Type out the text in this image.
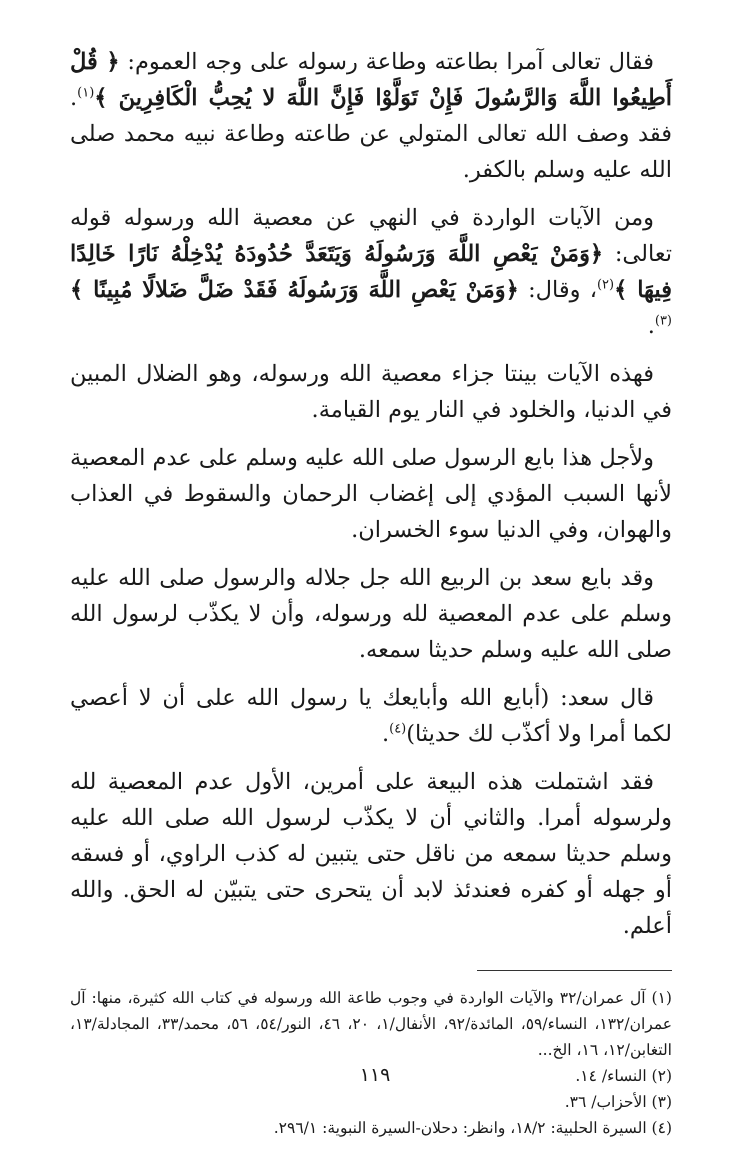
فقال تعالى آمرا بطاعته وطاعة رسوله على وجه العموم: ﴿ قُلْ أَطِيعُوا اللَّهَ وَالرَّسُولَ فَإِنْ تَوَلَّوْا فَإِنَّ اللَّهَ لا يُحِبُّ الْكَافِرِينَ ﴾$^{(١)}$. فقد وصف الله تعالى المتولي عن طاعته وطاعة نبيه محمد صلى الله عليه وسلم بالكفر.

ومن الآيات الواردة في النهي عن معصية الله ورسوله قوله تعالى: ﴿وَمَنْ يَعْصِ اللَّهَ وَرَسُولَهُ وَيَتَعَدَّ حُدُودَهُ يُدْخِلْهُ نَارًا خَالِدًا فِيهَا ﴾$^{(٢)}$، وقال: ﴿وَمَنْ يَعْصِ اللَّهَ وَرَسُولَهُ فَقَدْ ضَلَّ ضَلالًا مُبِينًا ﴾$^{(٣)}$.

فهذه الآيات بينتا جزاء معصية الله ورسوله، وهو الضلال المبين في الدنيا، والخلود في النار يوم القيامة.

ولأجل هذا بايع الرسول صلى الله عليه وسلم على عدم المعصية لأنها السبب المؤدي إلى إغضاب الرحمان والسقوط في العذاب والهوان، وفي الدنيا سوء الخسران.

وقد بايع سعد بن الربيع الله جل جلاله والرسول صلى الله عليه وسلم على عدم المعصية لله ورسوله، وأن لا يكذّب لرسول الله صلى الله عليه وسلم حديثا سمعه.

قال سعد: (أبايع الله وأبايعك يا رسول الله على أن لا أعصي لكما أمرا ولا أكذّب لك حديثا)$^{(٤)}$.

فقد اشتملت هذه البيعة على أمرين، الأول عدم المعصية لله ولرسوله أمرا. والثاني أن لا يكذّب لرسول الله صلى الله عليه وسلم حديثا سمعه من ناقل حتى يتبين له كذب الراوي، أو فسقه أو جهله أو كفره فعندئذ لابد أن يتحرى حتى يتبيّن له الحق. والله أعلم.

(١) آل عمران/٣٢ والآيات الواردة في وجوب طاعة الله ورسوله في كتاب الله كثيرة، منها: آل عمران/١٣٢، النساء/٥٩، المائدة/٩٢، الأنفال/١، ٢٠، ٤٦، النور/٥٤، ٥٦، محمد/٣٣، المجادلة/١٣، التغابن/١٢، ١٦، الخ...

(٢) النساء/ ١٤.

(٣) الأحزاب/ ٣٦.

(٤) السيرة الحلبية: ١٨/٢، وانظر: دحلان-السيرة النبوية: ٢٩٦/١.

١١٩
